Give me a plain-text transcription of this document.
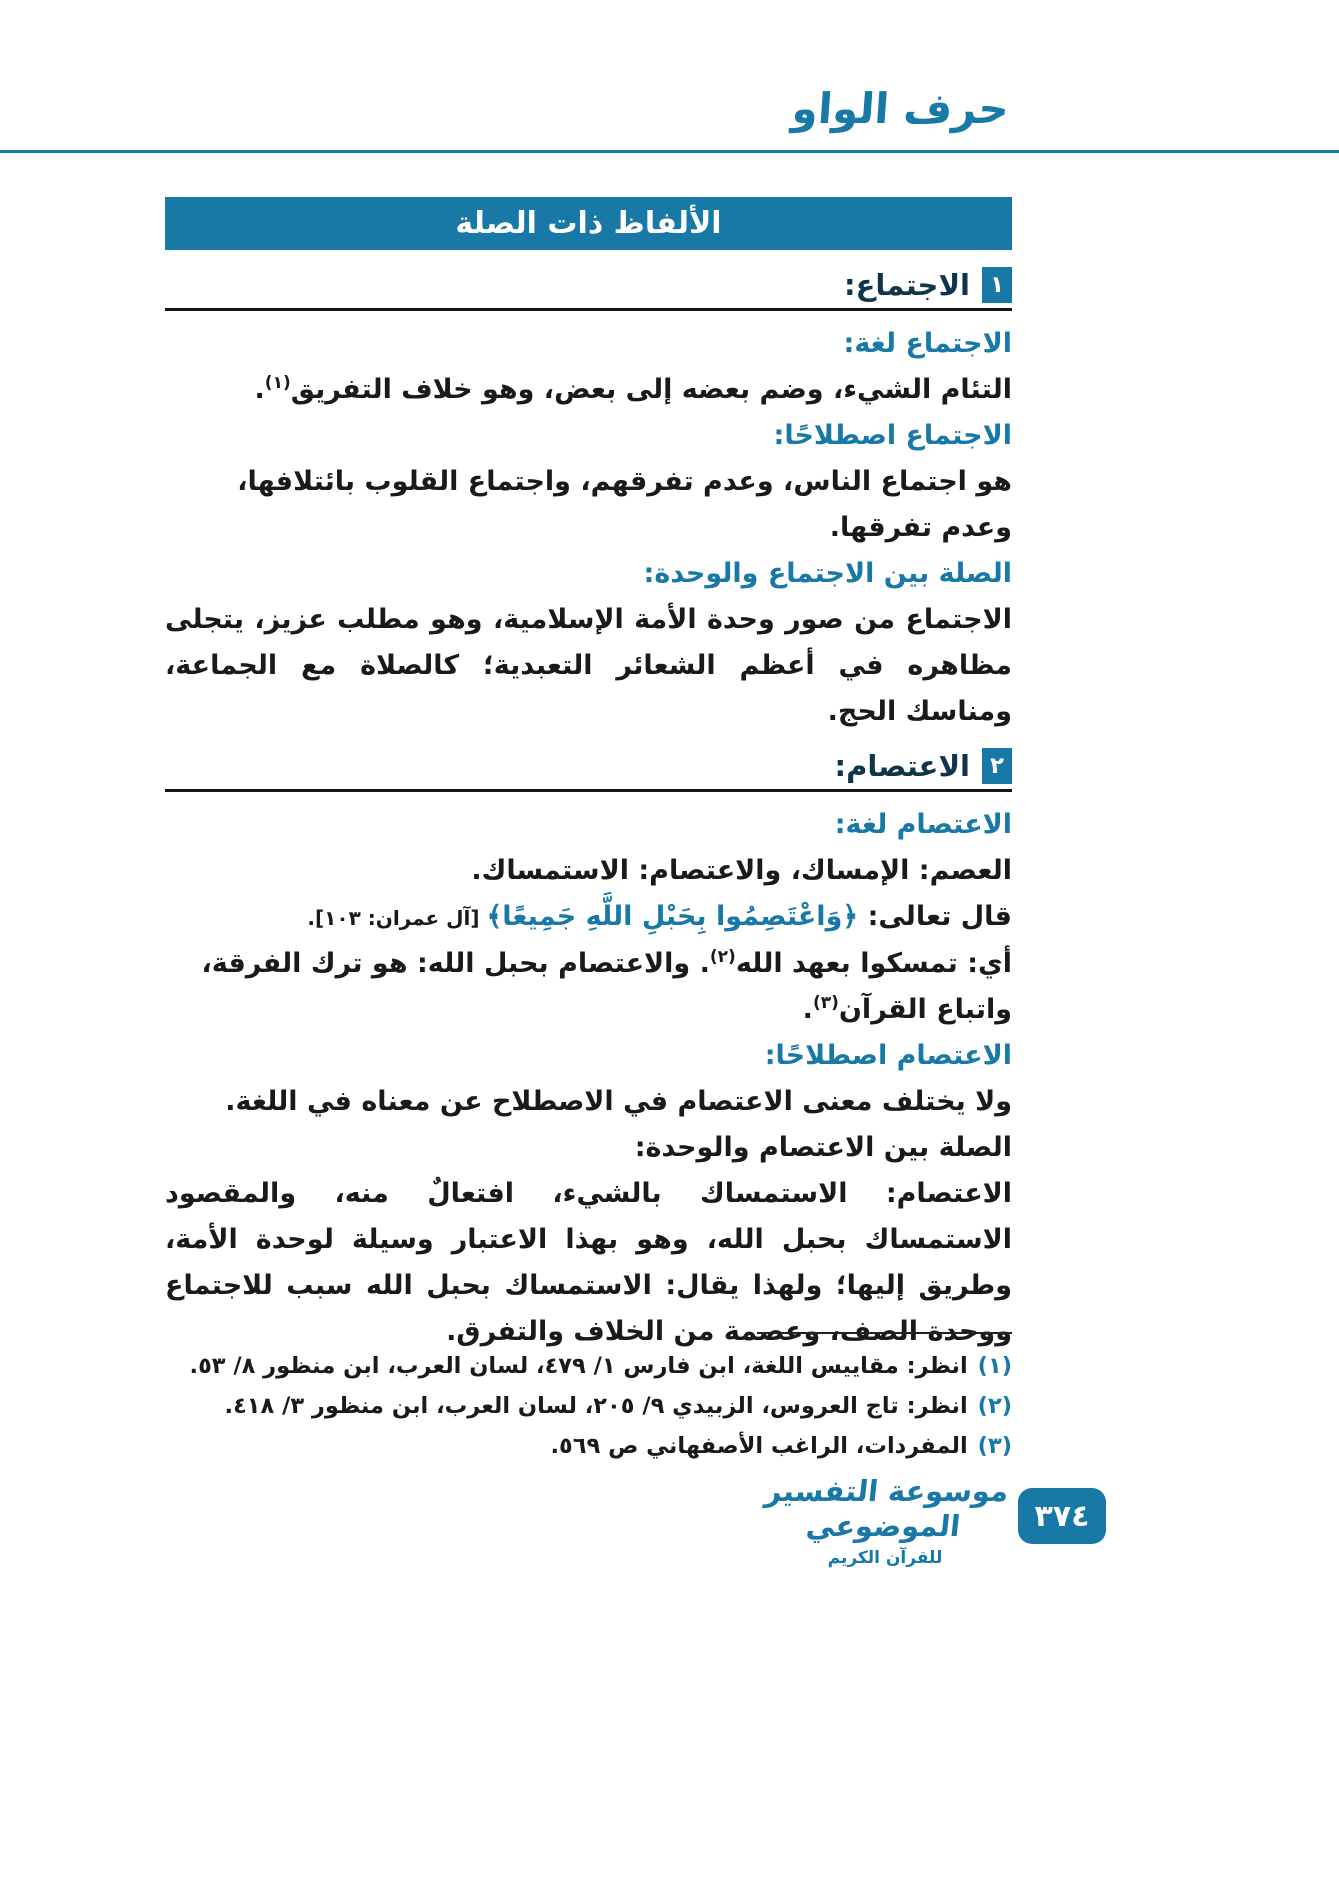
حرف الواو
الألفاظ ذات الصلة
١
الاجتماع:

الاجتماع لغة:

التئام الشيء، وضم بعضه إلى بعض، وهو خلاف التفريق$^{(١)}$.

الاجتماع اصطلاحًا:

هو اجتماع الناس، وعدم تفرقهم، واجتماع القلوب بائتلافها، وعدم تفرقها.

الصلة بين الاجتماع والوحدة:

الاجتماع من صور وحدة الأمة الإسلامية، وهو مطلب عزيز، يتجلى مظاهره في أعظم الشعائر التعبدية؛ كالصلاة مع الجماعة، ومناسك الحج.

٢
الاعتصام:

الاعتصام لغة:

العصم: الإمساك، والاعتصام: الاستمساك.

قال تعالى: ﴿وَاعْتَصِمُوا بِحَبْلِ اللَّهِ جَمِيعًا﴾ [آل عمران: ١٠٣].

أي: تمسكوا بعهد الله$^{(٢)}$. والاعتصام بحبل الله: هو ترك الفرقة، واتباع القرآن$^{(٣)}$.

الاعتصام اصطلاحًا:

ولا يختلف معنى الاعتصام في الاصطلاح عن معناه في اللغة.

الصلة بين الاعتصام والوحدة:

الاعتصام: الاستمساك بالشيء، افتعالٌ منه، والمقصود الاستمساك بحبل الله، وهو بهذا الاعتبار وسيلة لوحدة الأمة، وطريق إليها؛ ولهذا يقال: الاستمساك بحبل الله سبب للاجتماع ووحدة الصف، وعصمة من الخلاف والتفرق.

(١)
انظر: مقاييس اللغة، ابن فارس ١/ ٤٧٩، لسان العرب، ابن منظور ٨/ ٥٣.
(٢)
انظر: تاج العروس، الزبيدي ٩/ ٢٠٥، لسان العرب، ابن منظور ٣/ ٤١٨.
(٣)
المفردات، الراغب الأصفهاني ص ٥٦٩.
موسوعة التفسير الموضوعي
للقرآن الكريم
٣٧٤
